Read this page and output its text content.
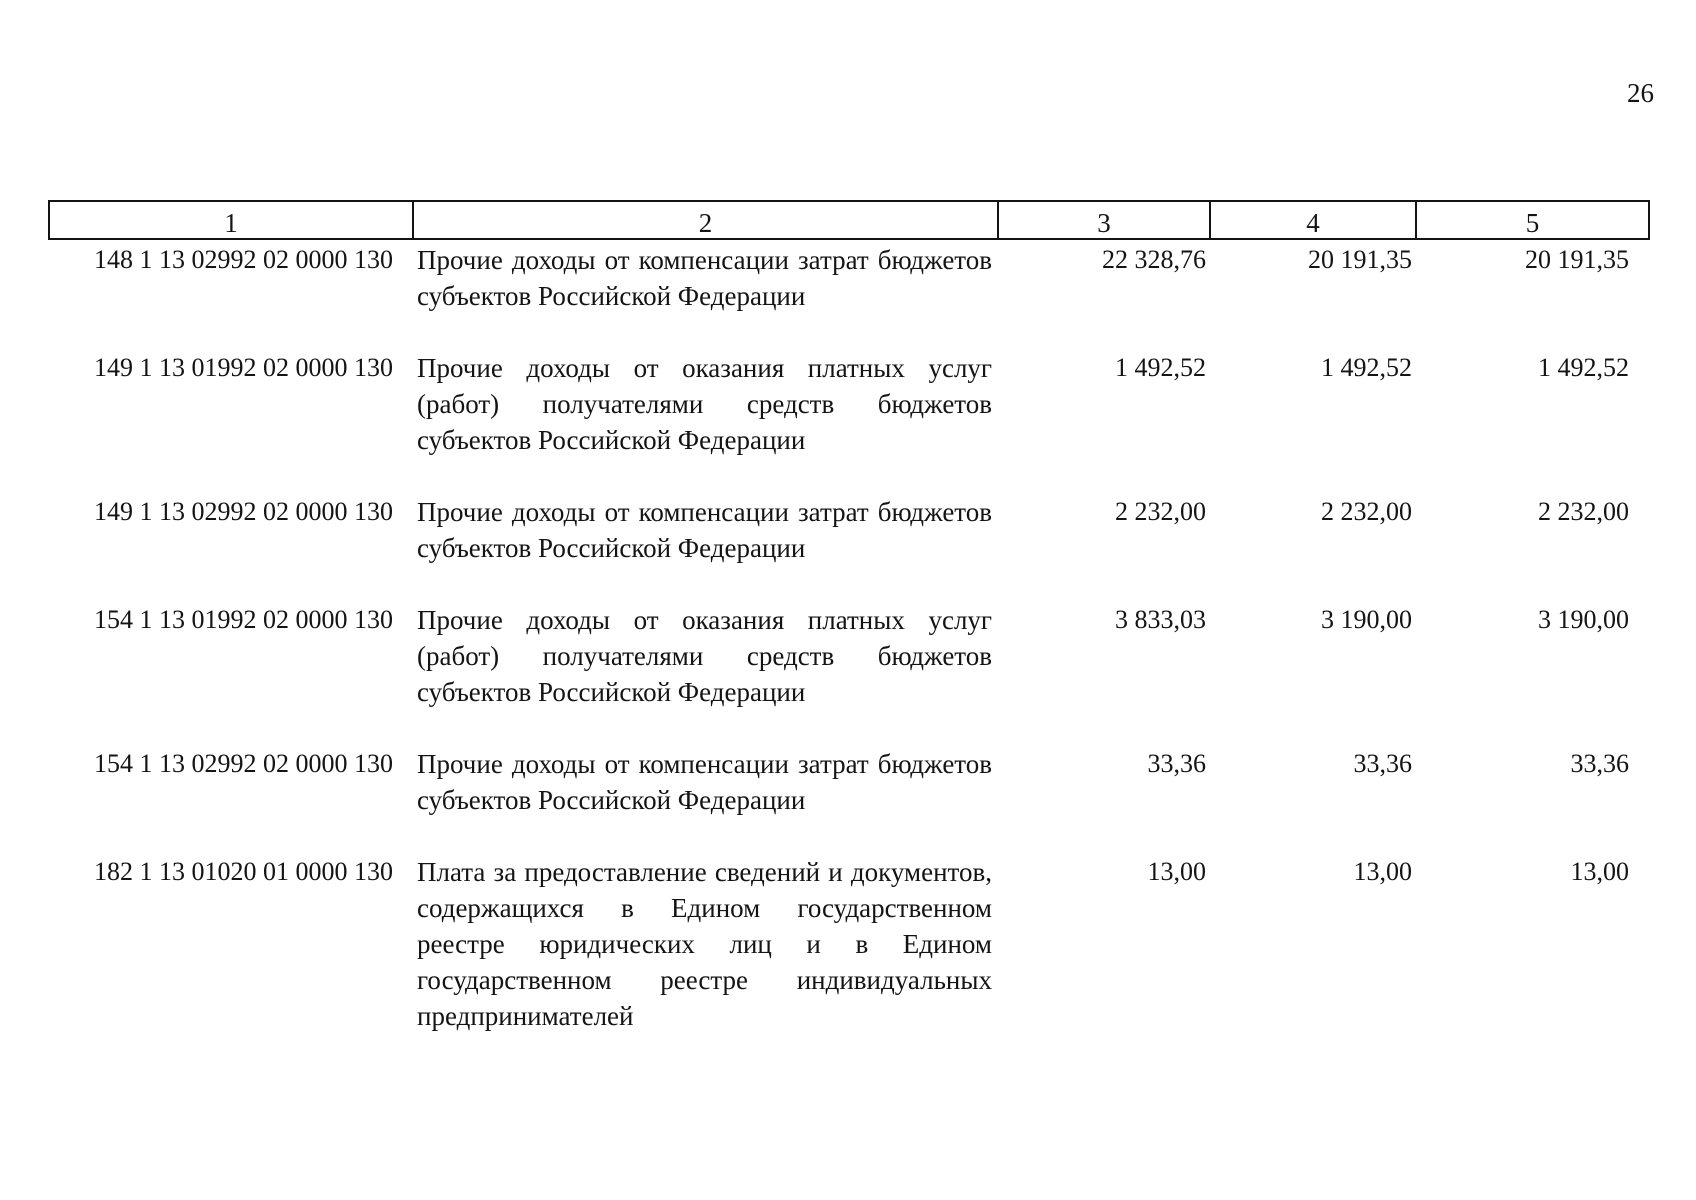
26
1	2	3	4	5
148 1 13 02992 02 0000 130	Прочие доходы от компенсации затрат бюджетов субъектов Российской Федерации	22 328,76	20 191,35	20 191,35
149 1 13 01992 02 0000 130	Прочие доходы от оказания платных услуг (работ) получателями средств бюджетов субъектов Российской Федерации	1 492,52	1 492,52	1 492,52
149 1 13 02992 02 0000 130	Прочие доходы от компенсации затрат бюджетов субъектов Российской Федерации	2 232,00	2 232,00	2 232,00
154 1 13 01992 02 0000 130	Прочие доходы от оказания платных услуг (работ) получателями средств бюджетов субъектов Российской Федерации	3 833,03	3 190,00	3 190,00
154 1 13 02992 02 0000 130	Прочие доходы от компенсации затрат бюджетов субъектов Российской Федерации	33,36	33,36	33,36
182 1 13 01020 01 0000 130	Плата за предоставление сведений и документов, содержащихся в Едином государственном реестре юридических лиц и в Едином государственном реестре индивидуальных предпринимателей	13,00	13,00	13,00
